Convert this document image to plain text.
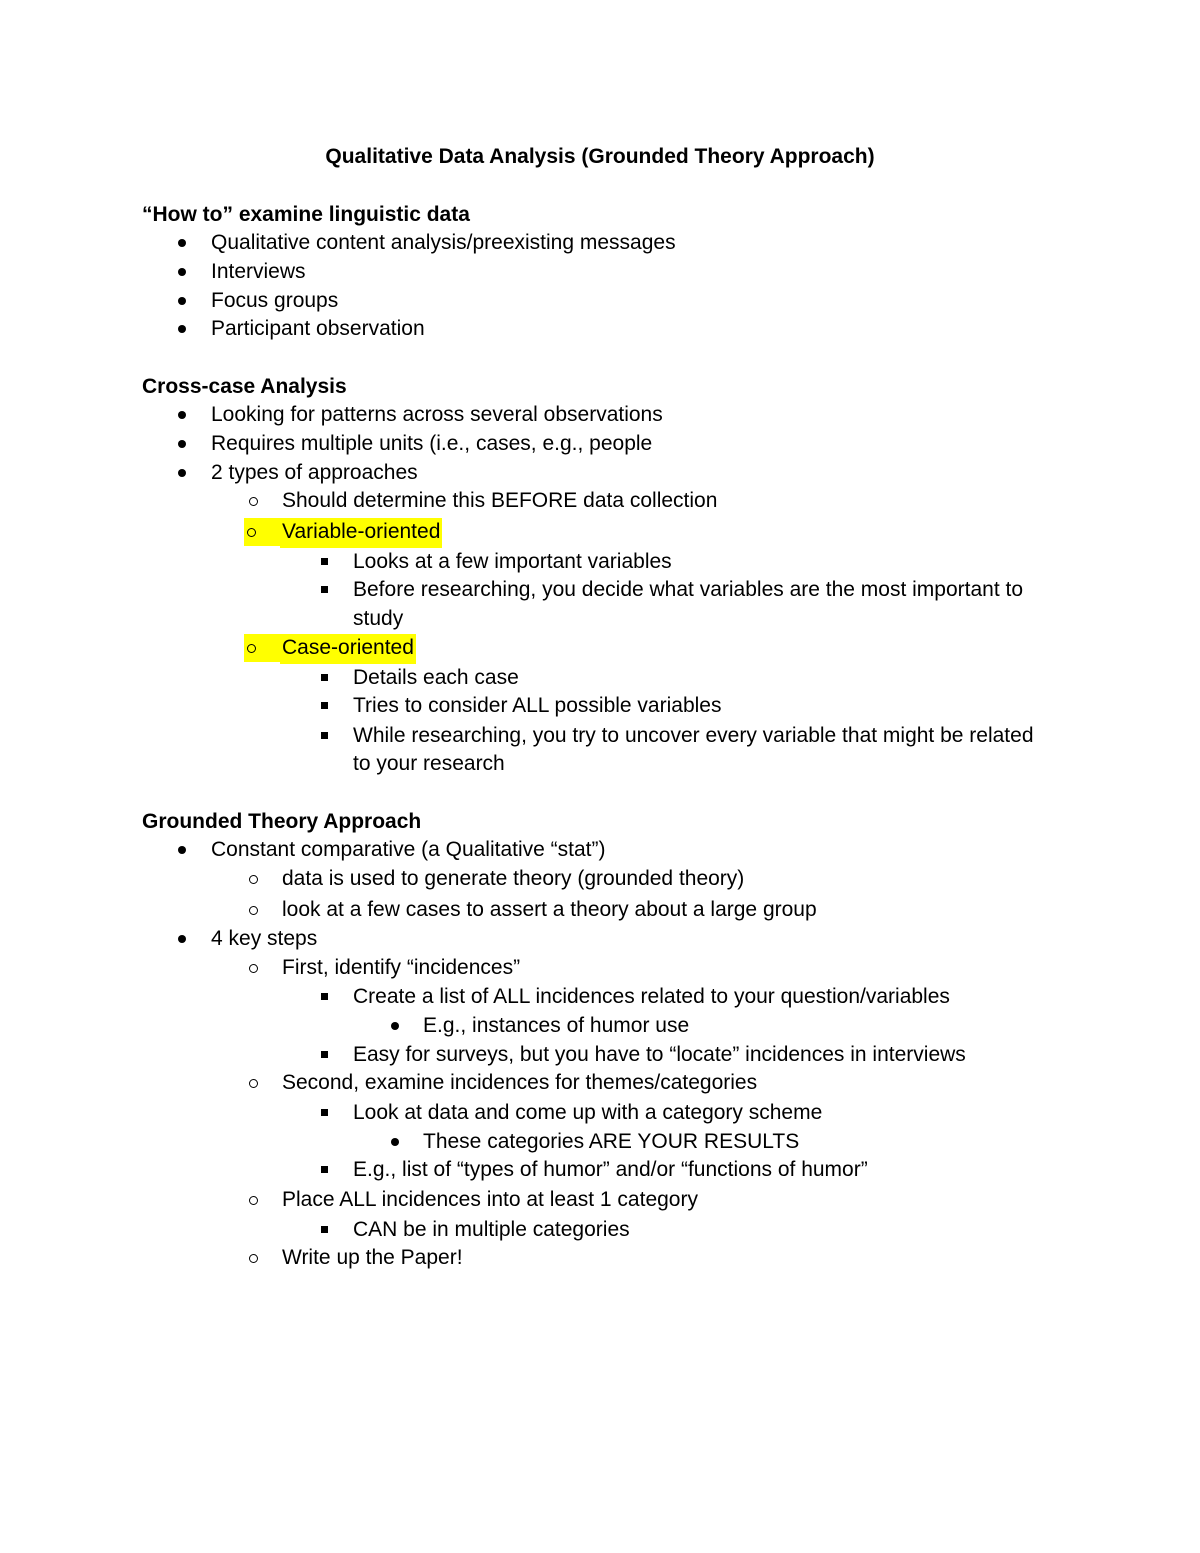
Qualitative Data Analysis (Grounded Theory Approach)
“How to” examine linguistic data
Qualitative content analysis/preexisting messages
Interviews
Focus groups
Participant observation
Cross-case Analysis
Looking for patterns across several observations
Requires multiple units (i.e., cases, e.g., people
2 types of approaches
Should determine this BEFORE data collection
Variable-oriented
Looks at a few important variables
Before researching, you decide what variables are the most important to
study
Case-oriented
Details each case
Tries to consider ALL possible variables
While researching, you try to uncover every variable that might be related
to your research
Grounded Theory Approach
Constant comparative (a Qualitative “stat”)
data is used to generate theory (grounded theory)
look at a few cases to assert a theory about a large group
4 key steps
First, identify “incidences”
Create a list of ALL incidences related to your question/variables
E.g., instances of humor use
Easy for surveys, but you have to “locate” incidences in interviews
Second, examine incidences for themes/categories
Look at data and come up with a category scheme
These categories ARE YOUR RESULTS
E.g., list of “types of humor” and/or “functions of humor”
Place ALL incidences into at least 1 category
CAN be in multiple categories
Write up the Paper!
